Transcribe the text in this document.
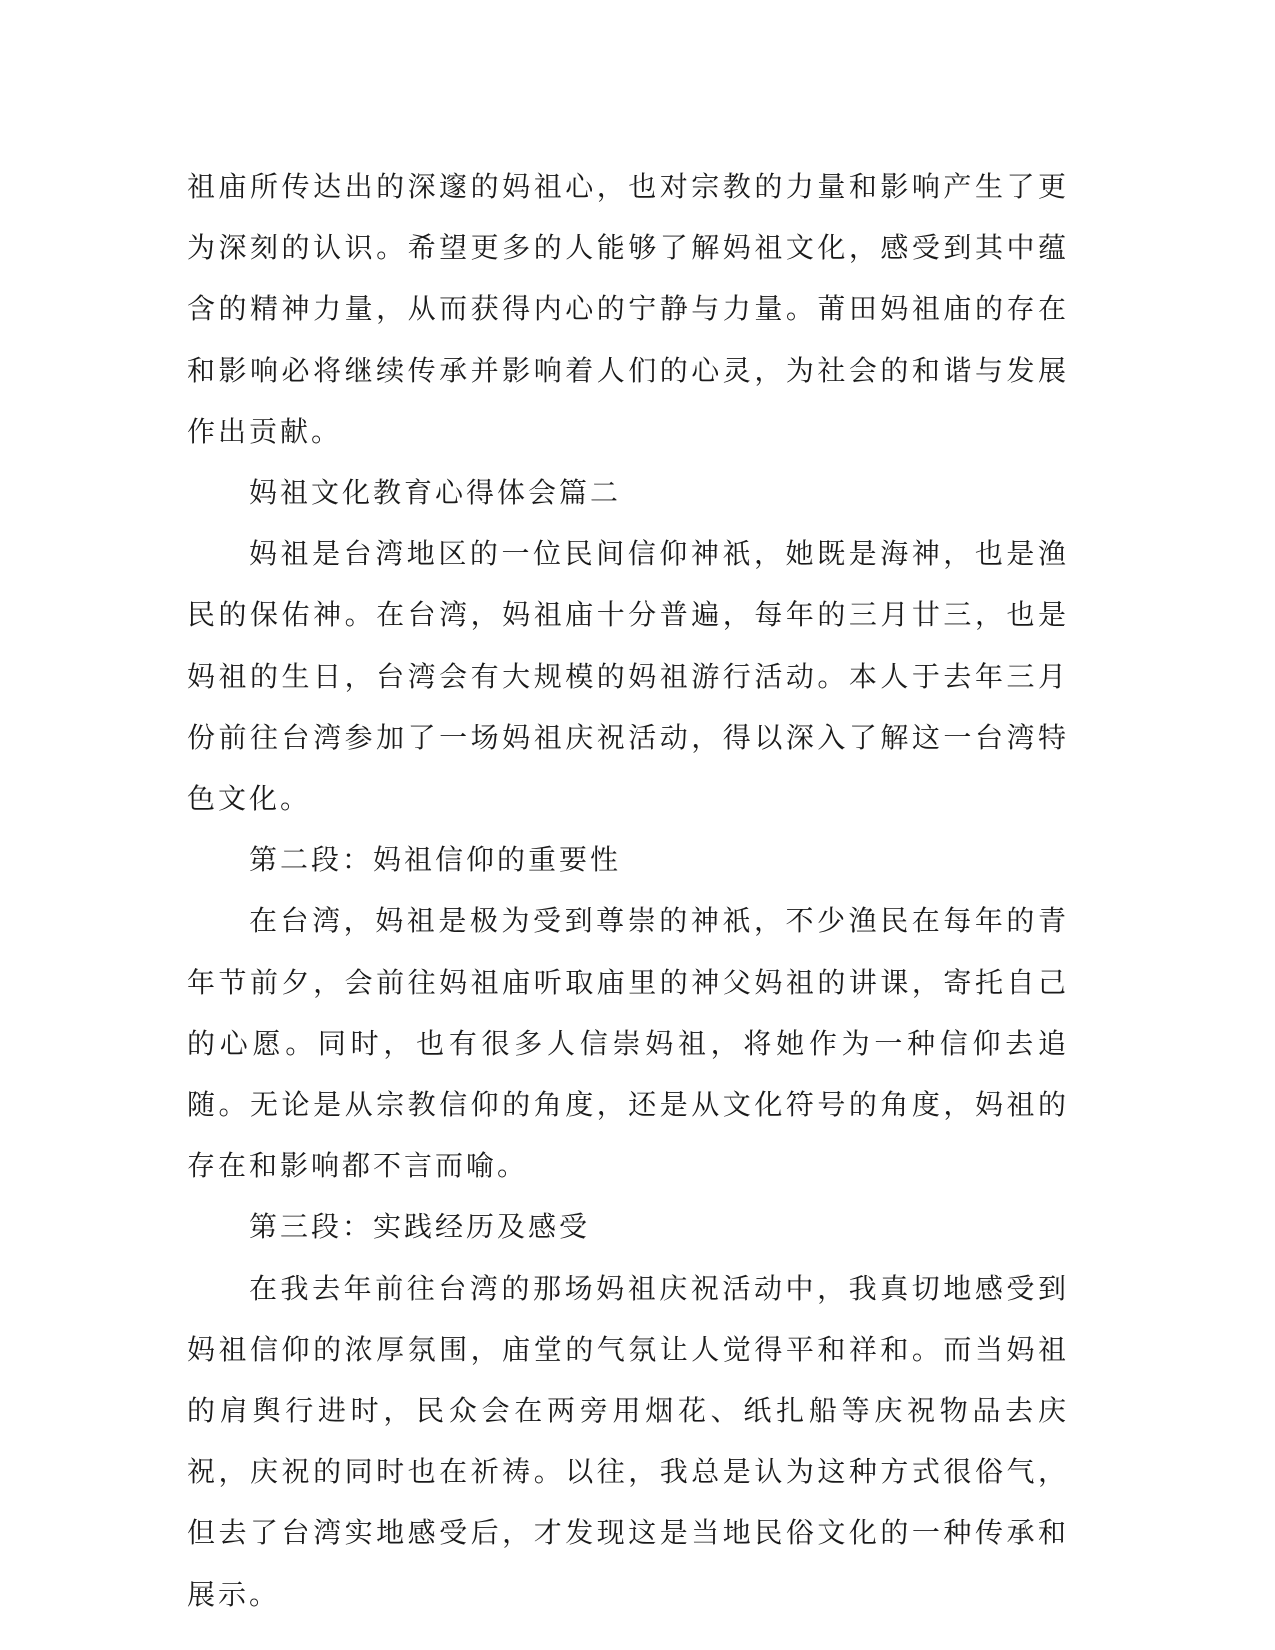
祖庙所传达出的深邃的妈祖心，也对宗教的力量和影响产生了更为深刻的认识。希望更多的人能够了解妈祖文化，感受到其中蕴含的精神力量，从而获得内心的宁静与力量。莆田妈祖庙的存在和影响必将继续传承并影响着人们的心灵，为社会的和谐与发展作出贡献。

妈祖文化教育心得体会篇二

妈祖是台湾地区的一位民间信仰神祇，她既是海神，也是渔民的保佑神。在台湾，妈祖庙十分普遍，每年的三月廿三，也是妈祖的生日，台湾会有大规模的妈祖游行活动。本人于去年三月份前往台湾参加了一场妈祖庆祝活动，得以深入了解这一台湾特色文化。

第二段：妈祖信仰的重要性

在台湾，妈祖是极为受到尊崇的神祇，不少渔民在每年的青年节前夕，会前往妈祖庙听取庙里的神父妈祖的讲课，寄托自己的心愿。同时，也有很多人信崇妈祖，将她作为一种信仰去追随。无论是从宗教信仰的角度，还是从文化符号的角度，妈祖的存在和影响都不言而喻。

第三段：实践经历及感受

在我去年前往台湾的那场妈祖庆祝活动中，我真切地感受到妈祖信仰的浓厚氛围，庙堂的气氛让人觉得平和祥和。而当妈祖的肩舆行进时，民众会在两旁用烟花、纸扎船等庆祝物品去庆祝，庆祝的同时也在祈祷。以往，我总是认为这种方式很俗气，但去了台湾实地感受后，才发现这是当地民俗文化的一种传承和展示。
